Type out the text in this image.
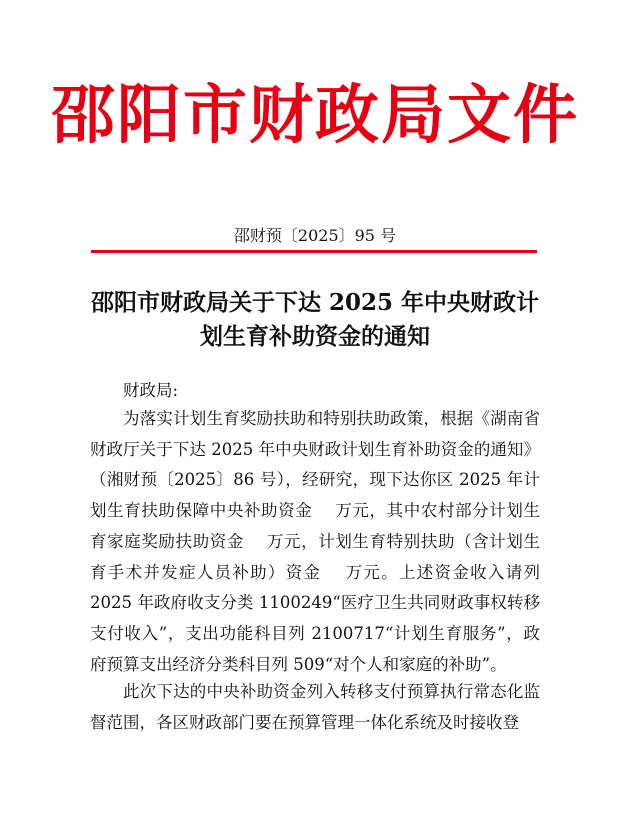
邵阳市财政局文件
邵财预〔2025〕95 号
邵阳市财政局关于下达 2025 年中央财政计划生育补助资金的通知
财政局:
为落实计划生育奖励扶助和特别扶助政策，根据《湖南省财政厅关于下达 2025 年中央财政计划生育补助资金的通知》（湘财预〔2025〕86 号），经研究，现下达你区 2025 年计划生育扶助保障中央补助资金　 万元，其中农村部分计划生育家庭奖励扶助资金　 万元，计划生育特别扶助（含计划生育手术并发症人员补助）资金　 万元。上述资金收入请列 2025 年政府收支分类 1100249“医疗卫生共同财政事权转移支付收入”，支出功能科目列 2100717“计划生育服务”，政府预算支出经济分类科目列 509“对个人和家庭的补助”。
此次下达的中央补助资金列入转移支付预算执行常态化监督范围，各区财政部门要在预算管理一体化系统及时接收登
